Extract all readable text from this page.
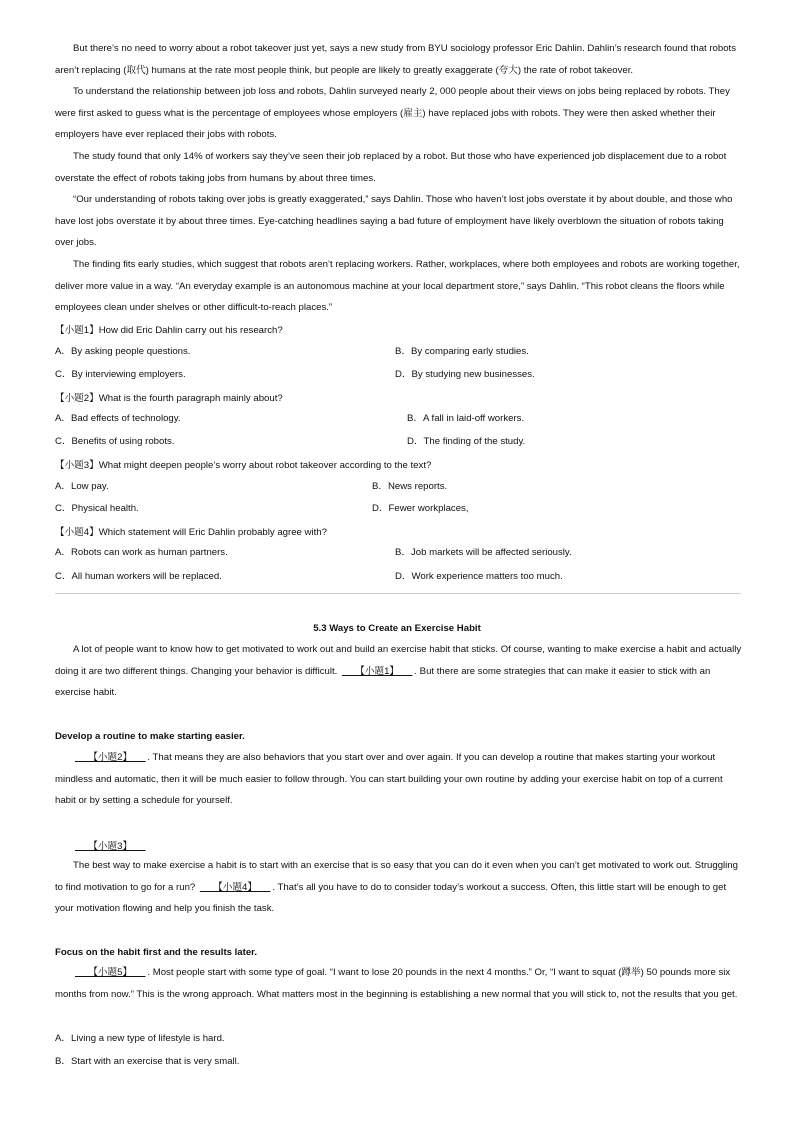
But there’s no need to worry about a robot takeover just yet, says a new study from BYU sociology professor Eric Dahlin. Dahlin’s research found that robots aren’t replacing (取代) humans at the rate most people think, but people are likely to greatly exaggerate (夸大) the rate of robot takeover.
To understand the relationship between job loss and robots, Dahlin surveyed nearly 2, 000 people about their views on jobs being replaced by robots. They were first asked to guess what is the percentage of employees whose employers (雇主) have replaced jobs with robots. They were then asked whether their employers have ever replaced their jobs with robots.
The study found that only 14% of workers say they’ve seen their job replaced by a robot. But those who have experienced job displacement due to a robot overstate the effect of robots taking jobs from humans by about three times.
“Our understanding of robots taking over jobs is greatly exaggerated,” says Dahlin. Those who haven’t lost jobs overstate it by about double, and those who have lost jobs overstate it by about three times. Eye-catching headlines saying a bad future of employment have likely overblown the situation of robots taking over jobs.
The finding fits early studies, which suggest that robots aren’t replacing workers. Rather, workplaces, where both employees and robots are working together, deliver more value in a way. “An everyday example is an autonomous machine at your local department store,” says Dahlin. “This robot cleans the floors while employees clean under shelves or other difficult-to-reach places.”
【小题1】How did Eric Dahlin carry out his research?
A．By asking people questions.	B．By comparing early studies.
C．By interviewing employers.	D．By studying new businesses.
【小题2】What is the fourth paragraph mainly about?
A．Bad effects of technology.	B．A fall in laid-off workers.
C．Benefits of using robots.	D．The finding of the study.
【小题3】What might deepen people’s worry about robot takeover according to the text?
A．Low pay.	B．News reports.
C．Physical health.	D．Fewer workplaces,
【小题4】Which statement will Eric Dahlin probably agree with?
A．Robots can work as human partners.	B．Job markets will be affected seriously.
C．All human workers will be replaced.	D．Work experience matters too much.
5.3 Ways to Create an Exercise Habit
A lot of people want to know how to get motivated to work out and build an exercise habit that sticks. Of course, wanting to make exercise a habit and actually doing it are two different things. Changing your behavior is difficult. 【小题1】 . But there are some strategies that can make it easier to stick with an exercise habit.
Develop a routine to make starting easier.
【小题2】 . That means they are also behaviors that you start over and over again. If you can develop a routine that makes starting your workout mindless and automatic, then it will be much easier to follow through. You can start building your own routine by adding your exercise habit on top of a current habit or by setting a schedule for yourself.
【小题3】
The best way to make exercise a habit is to start with an exercise that is so easy that you can do it even when you can’t get motivated to work out. Struggling to find motivation to go for a run? 【小题4】 . That’s all you have to do to consider today’s workout a success. Often, this little start will be enough to get your motivation flowing and help you finish the task.
Focus on the habit first and the results later.
【小题5】 . Most people start with some type of goal. “I want to lose 20 pounds in the next 4 months.” Or, “I want to squat (蹲举) 50 pounds more six months from now.” This is the wrong approach. What matters most in the beginning is establishing a new normal that you will stick to, not the results that you get.
A．Living a new type of lifestyle is hard.
B．Start with an exercise that is very small.
